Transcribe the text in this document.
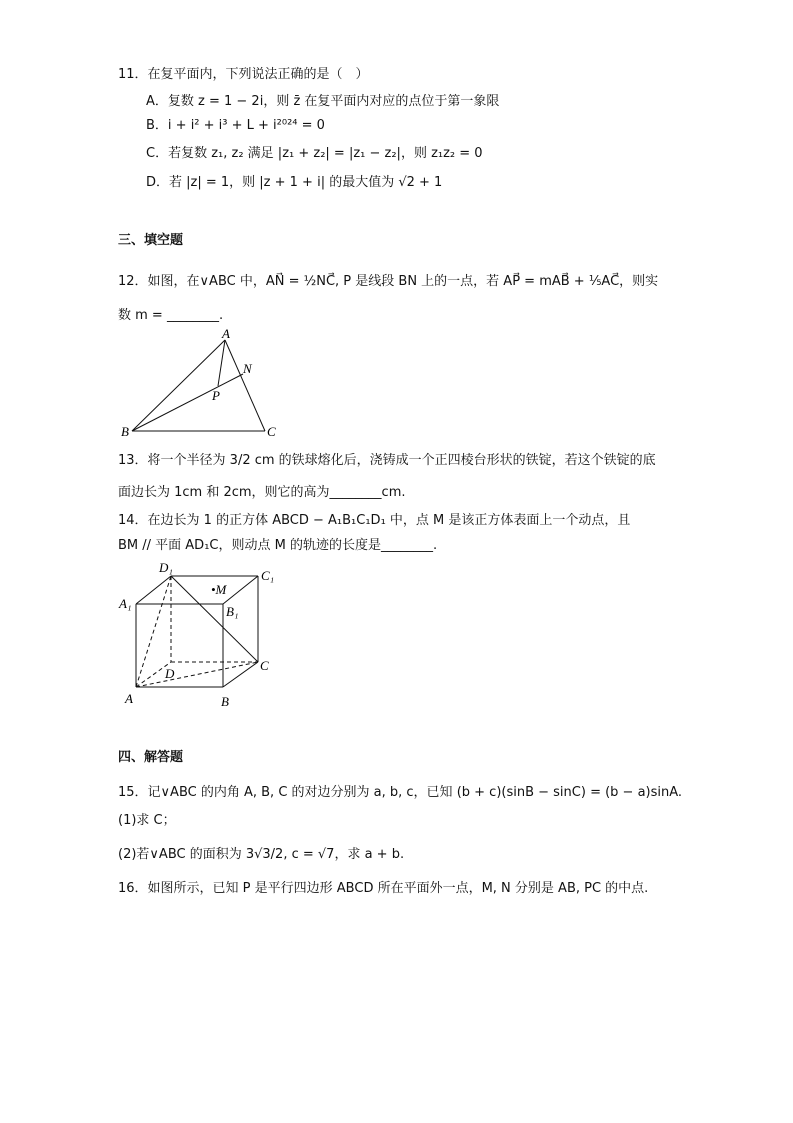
11．在复平面内，下列说法正确的是（　）
A．复数 z = 1 − 2i，则 z̄ 在复平面内对应的点位于第一象限
B．i + i² + i³ + L + i²⁰²⁴ = 0
C．若复数 z₁, z₂ 满足 |z₁ + z₂| = |z₁ − z₂|，则 z₁z₂ = 0
D．若 |z| = 1，则 |z + 1 + i| 的最大值为 √2 + 1
三、填空题
12．如图，在∨ABC 中，AN⃗ = ½NC⃗, P 是线段 BN 上的一点，若 AP⃗ = mAB⃗ + ⅕AC⃗，则实
数 m = ________.
A
N
P
B	C
13．将一个半径为 3/2 cm 的铁球熔化后，浇铸成一个正四棱台形状的铁锭，若这个铁锭的底
面边长为 1cm 和 2cm，则它的高为________cm.
14．在边长为 1 的正方体 ABCD − A₁B₁C₁D₁ 中，点 M 是该正方体表面上一个动点，且
BM // 平面 AD₁C，则动点 M 的轨迹的长度是________.
D₁
C₁
•M
A₁
B₁
D
C
A	B
四、解答题
15．记∨ABC 的内角 A, B, C 的对边分别为 a, b, c，已知 (b + c)(sinB − sinC) = (b − a)sinA.
(1)求 C；
(2)若∨ABC 的面积为 3√3/2, c = √7，求 a + b.
16．如图所示，已知 P 是平行四边形 ABCD 所在平面外一点，M, N 分别是 AB, PC 的中点.
